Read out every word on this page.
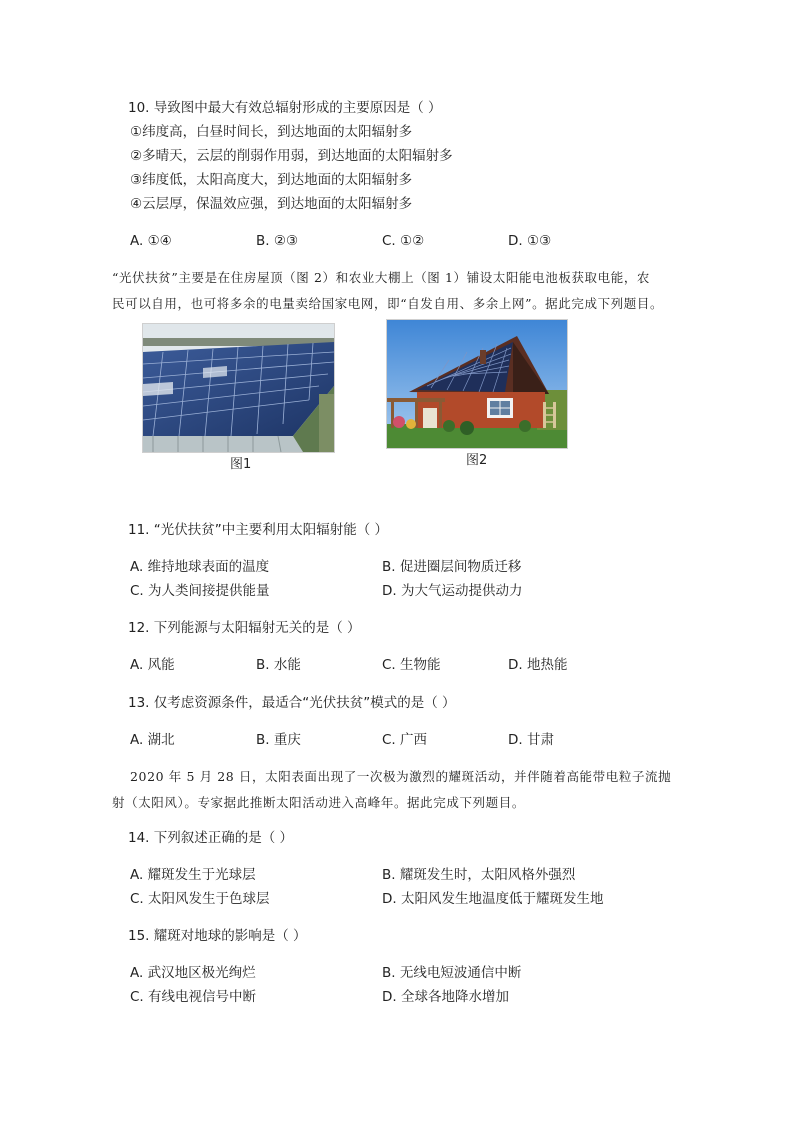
10. 导致图中最大有效总辐射形成的主要原因是（ ）
①纬度高，白昼时间长，到达地面的太阳辐射多
②多晴天，云层的削弱作用弱，到达地面的太阳辐射多
③纬度低，太阳高度大，到达地面的太阳辐射多
④云层厚，保温效应强，到达地面的太阳辐射多
A. ①④	B. ②③	C. ①②	D. ①③

“光伏扶贫”主要是在住房屋顶（图 2）和农业大棚上（图 1）铺设太阳能电池板获取电能，农

民可以自用，也可将多余的电量卖给国家电网，即“自发自用、多余上网”。据此完成下列题目。

图1	图2
11. “光伏扶贫”中主要利用太阳辐射能（ ）
A. 维持地球表面的温度	B. 促进圈层间物质迁移
C. 为人类间接提供能量	D. 为大气运动提供动力
12. 下列能源与太阳辐射无关的是（ ）
A. 风能	B. 水能	C. 生物能	D. 地热能
13. 仅考虑资源条件，最适合“光伏扶贫”模式的是（ ）
A. 湖北	B. 重庆	C. 广西	D. 甘肃

2020 年 5 月 28 日，太阳表面出现了一次极为激烈的耀斑活动，并伴随着高能带电粒子流抛

射（太阳风）。专家据此推断太阳活动进入高峰年。据此完成下列题目。

14. 下列叙述正确的是（ ）
A. 耀斑发生于光球层	B. 耀斑发生时，太阳风格外强烈
C. 太阳风发生于色球层	D. 太阳风发生地温度低于耀斑发生地
15. 耀斑对地球的影响是（ ）
A. 武汉地区极光绚烂	B. 无线电短波通信中断
C. 有线电视信号中断	D. 全球各地降水增加
